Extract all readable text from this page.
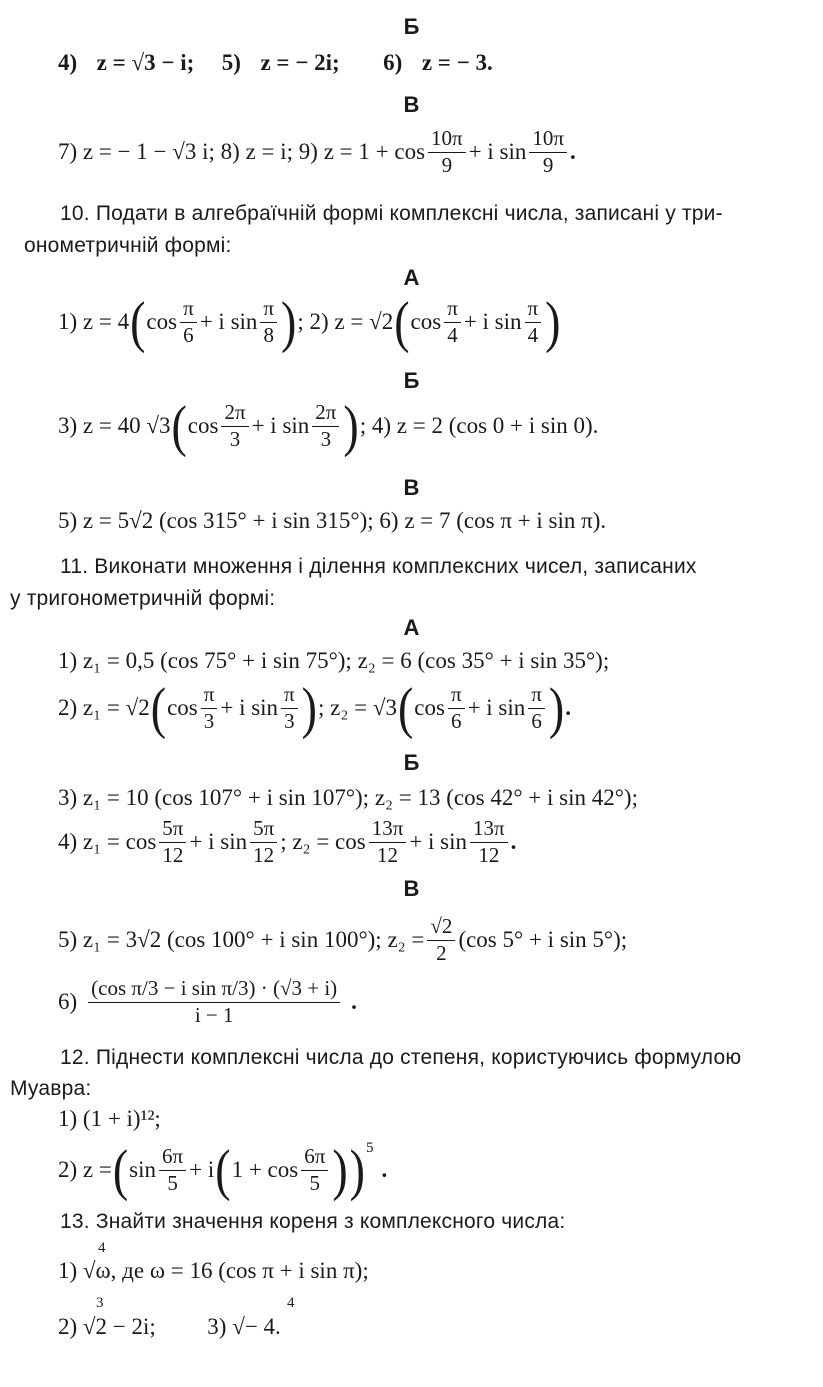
Б
4) z = √3 − i; 5) z = − 2i; 6) z = − 3.
В
7) z = − 1 − √3 i; 8) z = i; 9) $z = 1 + \cos \frac{10\pi}{9} + i$ $\sin \frac{10\pi}{9}$ .
10. Подати в алгебраїчній формі комплексні числа, записані у три-
онометричній формі:
А
1) z = 4 ( $\cos \frac{\pi}{6} + i$ $\sin \frac{\pi}{8}$ ) ; 2) z = √2 ( $\cos \frac{\pi}{4} + i$ $\sin \frac{\pi}{4}$ )
Б
3) z = 40 √3 ( $\cos \frac{2\pi}{3} + i$ $\sin \frac{2\pi}{3}$ ) ; 4) z = 2 (cos 0 + i sin 0).
В
5) z = 5√2 (cos 315° + i sin 315°); 6) z = 7 (cos π + i sin π).
11. Виконати множення і ділення комплексних чисел, записаних
у тригонометричній формі:
А
1) z₁ = 0,5 (cos 75° + i sin 75°); z₂ = 6 (cos 35° + i sin 35°);
2) z₁ = √2 ( $\cos \frac{\pi}{3} + i$ $\sin \frac{\pi}{3}$ ) ; z₂ = √3 ( $\cos \frac{\pi}{6} + i$ $\sin \frac{\pi}{6}$ ) .
Б
3) z₁ = 10 (cos 107° + i sin 107°); z₂ = 13 (cos 42° + i sin 42°);
4) $z_1 = \cos \frac{5\pi}{12} + i$ $\sin \frac{5\pi}{12}$ ; $z_2 = \cos \frac{13\pi}{12} + i$ $\sin \frac{13\pi}{12}$ .
В
5) z₁ = 3√2 (cos 100° + i sin 100°); $z_2 = \frac{√2}{2} (\cos$ 5° + i sin 5°);
$6) \frac{\text{(cos π/3 − i sin π/3) · (√3 + i)}}{i - 1}$ .
12. Піднести комплексні числа до степеня, користуючись формулою
Муавра:
1) (1 + i)¹²;
2) z = ( $\sin \frac{6\pi}{5} + i$ ( $1 + \cos \frac{6\pi}{5}$ ) ) 5
.
13. Знайти значення кореня з комплексного числа:
4
1) √ω, де ω = 16 (cos π + i sin π);
3	4
2) √2 − 2i; 3) √− 4.
